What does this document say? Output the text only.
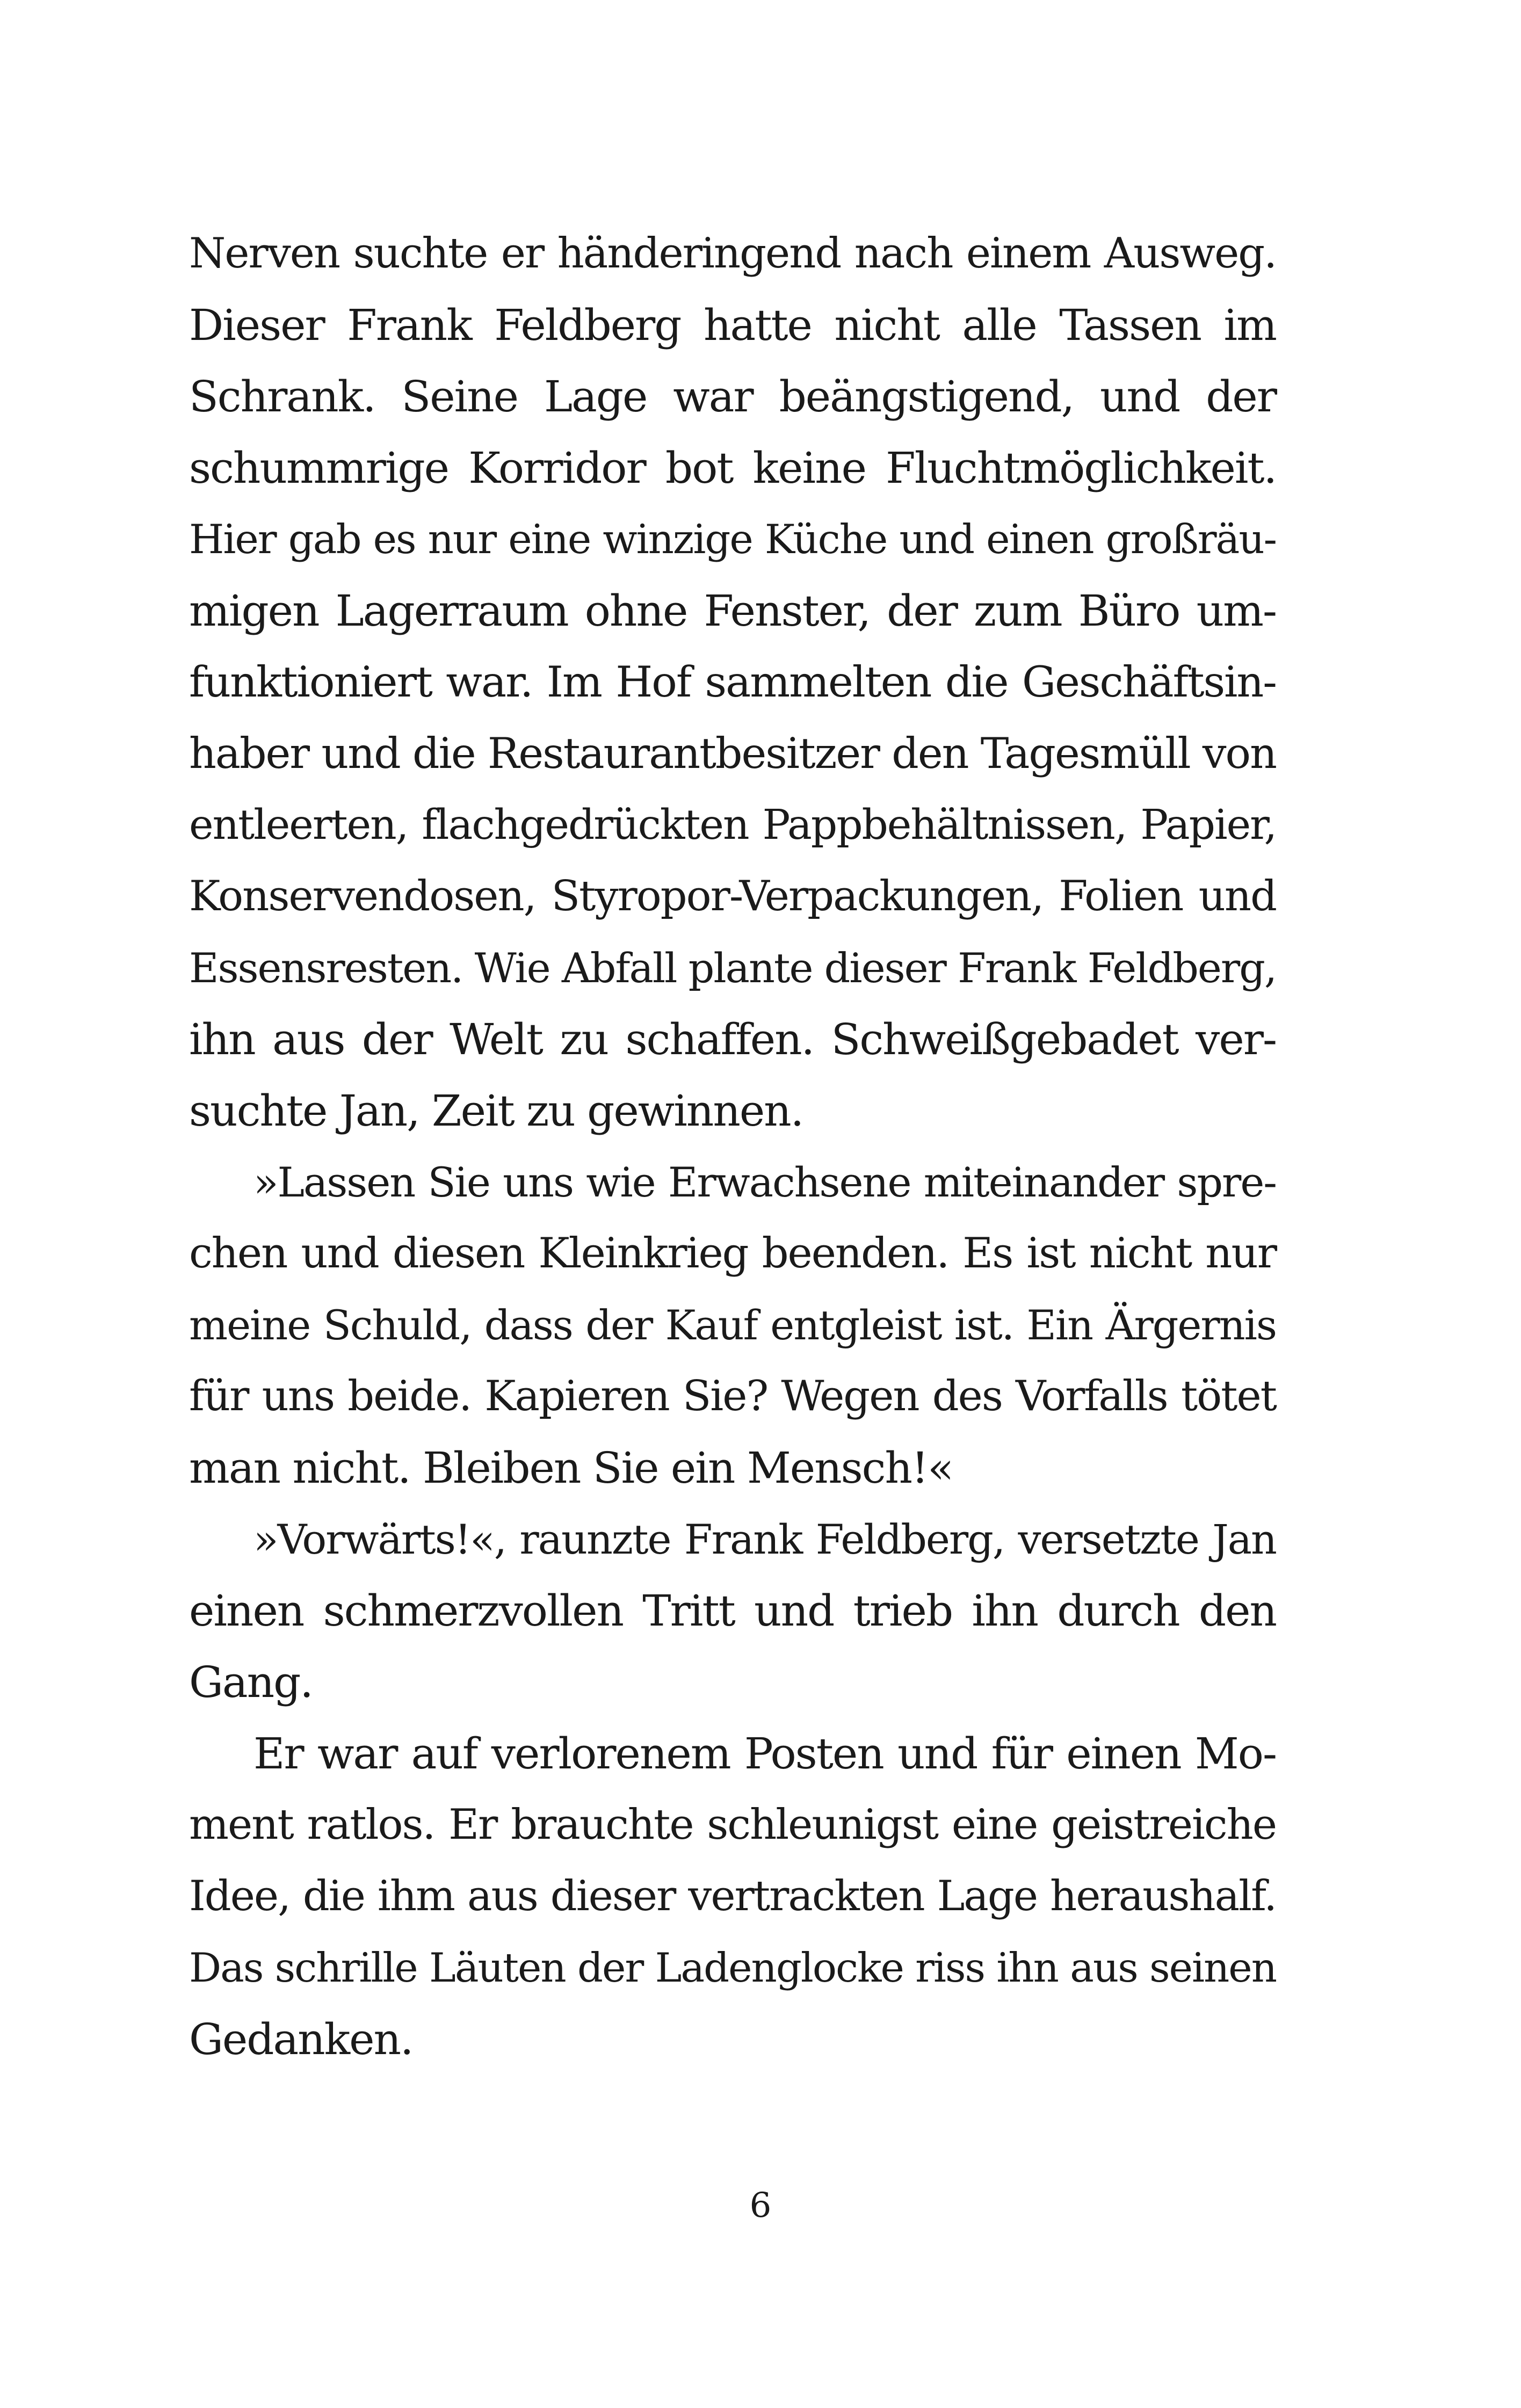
Nerven suchte er händeringend nach einem Ausweg.
Dieser Frank Feldberg hatte nicht alle Tassen im
Schrank. Seine Lage war beängstigend, und der
schummrige Korridor bot keine Fluchtmöglichkeit.
Hier gab es nur eine winzige Küche und einen großräu-
migen Lagerraum ohne Fenster, der zum Büro um-
funktioniert war. Im Hof sammelten die Geschäftsin-
haber und die Restaurantbesitzer den Tagesmüll von
entleerten, flachgedrückten Pappbehältnissen, Papier,
Konservendosen, Styropor-Verpackungen, Folien und
Essensresten. Wie Abfall plante dieser Frank Feldberg,
ihn aus der Welt zu schaffen. Schweißgebadet ver-
suchte Jan, Zeit zu gewinnen.
»Lassen Sie uns wie Erwachsene miteinander spre-
chen und diesen Kleinkrieg beenden. Es ist nicht nur
meine Schuld, dass der Kauf entgleist ist. Ein Ärgernis
für uns beide. Kapieren Sie? Wegen des Vorfalls tötet
man nicht. Bleiben Sie ein Mensch!«
»Vorwärts!«, raunzte Frank Feldberg, versetzte Jan
einen schmerzvollen Tritt und trieb ihn durch den
Gang.
Er war auf verlorenem Posten und für einen Mo-
ment ratlos. Er brauchte schleunigst eine geistreiche
Idee, die ihm aus dieser vertrackten Lage heraushalf.
Das schrille Läuten der Ladenglocke riss ihn aus seinen
Gedanken.
6
